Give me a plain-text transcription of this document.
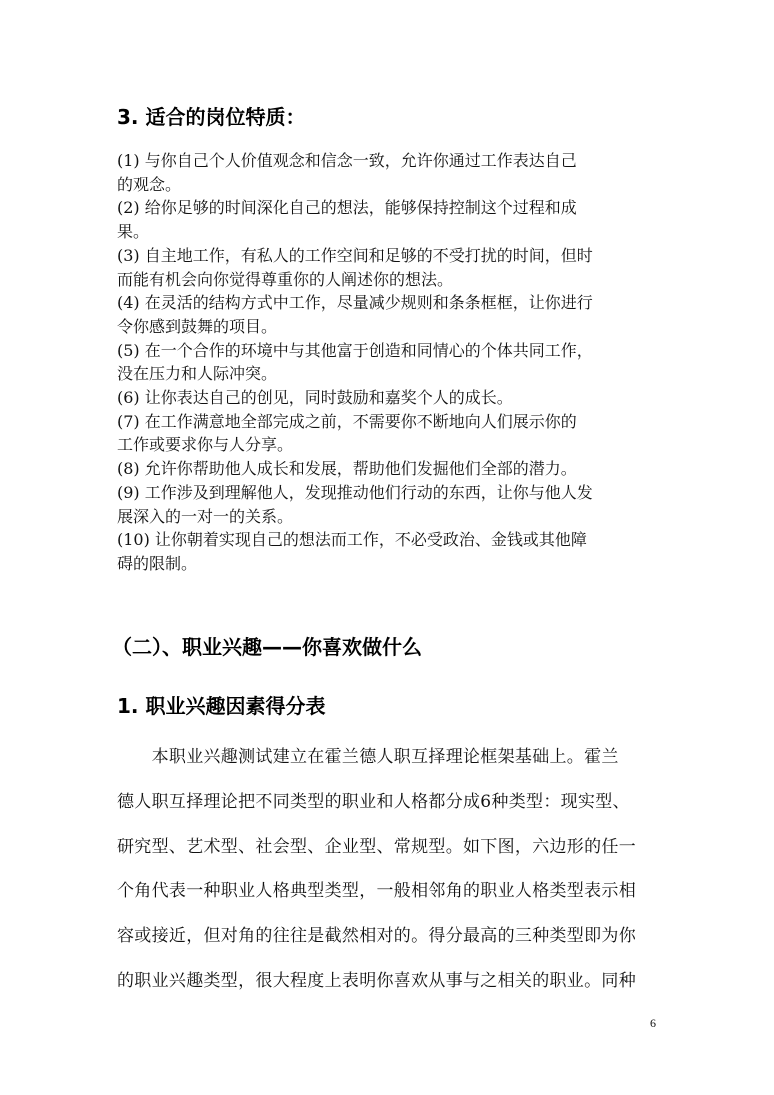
3. 适合的岗位特质：

(1) 与你自己个人价值观念和信念一致，允许你通过工作表达自己

的观念。

(2) 给你足够的时间深化自己的想法，能够保持控制这个过程和成

果。

(3) 自主地工作，有私人的工作空间和足够的不受打扰的时间，但时

而能有机会向你觉得尊重你的人阐述你的想法。

(4) 在灵活的结构方式中工作，尽量减少规则和条条框框，让你进行

令你感到鼓舞的项目。

(5) 在一个合作的环境中与其他富于创造和同情心的个体共同工作，

没在压力和人际冲突。

(6) 让你表达自己的创见，同时鼓励和嘉奖个人的成长。

(7) 在工作满意地全部完成之前，不需要你不断地向人们展示你的

工作或要求你与人分享。

(8) 允许你帮助他人成长和发展，帮助他们发掘他们全部的潜力。

(9) 工作涉及到理解他人，发现推动他们行动的东西，让你与他人发

展深入的一对一的关系。

(10) 让你朝着实现自己的想法而工作，不必受政治、金钱或其他障

碍的限制。

（二）、职业兴趣——你喜欢做什么
1. 职业兴趣因素得分表

　　本职业兴趣测试建立在霍兰德人职互择理论框架基础上。霍兰

德人职互择理论把不同类型的职业和人格都分成6种类型：现实型、

研究型、艺术型、社会型、企业型、常规型。如下图，六边形的任一

个角代表一种职业人格典型类型，一般相邻角的职业人格类型表示相

容或接近，但对角的往往是截然相对的。得分最高的三种类型即为你

的职业兴趣类型，很大程度上表明你喜欢从事与之相关的职业。同种

6
